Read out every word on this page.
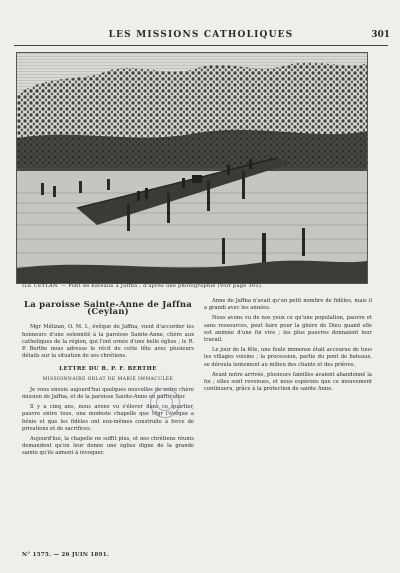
LES MISSIONS CATHOLIQUES	301
ILE CEYLAN. — Pont de bateaux à Jaffna ; d'après une photographie (Voir page 302).
La paroisse Sainte-Anne de Jaffna (Ceylan)
Mgr Mélizan, O. M. I., évêque de Jaffna, vient d'accorder les honneurs d'une solennité à la paroisse Sainte-Anne, chère aux catholiques de la région, qui l'ont ornée d'une belle église ; le R. P. Berthe nous adresse le récit de cette fête avec plusieurs détails sur la situation de ses chrétiens.
LETTRE DU R. P. F. BERTHE
MISSIONNAIRE OBLAT DE MARIE IMMACULÉE

Je vous envoie aujourd'hui quelques nouvelles de notre chère mission de Jaffna, et de la paroisse Sainte-Anne en particulier.

Il y a cinq ans, nous avons vu s'élever dans ce quartier, pauvre entre tous, une modeste chapelle que Mgr l'évêque a bénie et que les fidèles ont eux-mêmes construite à force de privations et de sacrifices.

Aujourd'hui, la chapelle ne suffit plus, et nos chrétiens réunis demandent qu'on leur donne une église digne de la grande sainte qu'ils aiment à invoquer.

Anne de Jaffna n'avait qu'un petit nombre de fidèles, mais il a grandi avec les années.

Nous avons vu de nos yeux ce qu'une population, pauvre et sans ressources, peut faire pour la gloire de Dieu quand elle est animée d'une foi vive ; les plus pauvres donnaient leur travail.

Le jour de la fête, une foule immense était accourue de tous les villages voisins ; la procession, partie du pont de bateaux, se déroula lentement au milieu des chants et des prières.

Avant notre arrivée, plusieurs familles avaient abandonné la foi ; elles sont revenues, et nous espérons que ce mouvement continuera, grâce à la protection de sainte Anne.

N° 1575. — 26 JUIN 1891.
